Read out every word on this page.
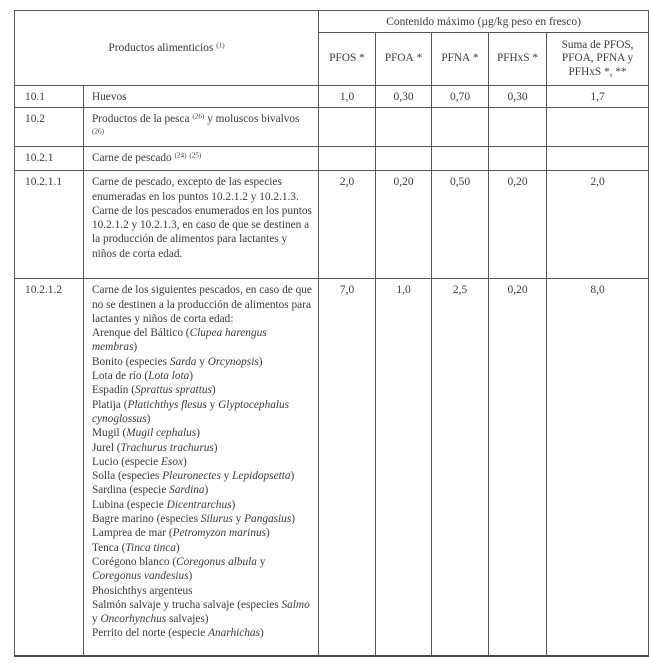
Productos alimenticios $^{(1)}$		Contenido máximo (µg/kg peso en fresco)				
		PFOS *	PFOA *	PFNA *	PFHxS *	Suma de PFOS, PFOA, PFNA y PFHxS *, **
10.1	Huevos	1,0	0,30	0,70	0,30	1,7
10.2	Productos de la pesca $^{(26)}$ y moluscos bivalvos $^{(26)}$

10.2.1	Carne de pescado $^{(24)}$ $^{(25)}$

10.2.1.1	Carne de pescado, excepto de las especies enumeradas en los puntos 10.2.1.2 y 10.2.1.3.
Carne de los pescados enumerados en los puntos 10.2.1.2 y 10.2.1.3, en caso de que se destinen a la producción de alimentos para lactantes y niños de corta edad.	2,0	0,20	0,50	0,20	2,0
10.2.1.2	Carne de los siguientes pescados, en caso de que no se destinen a la producción de alimentos para lactantes y niños de corta edad:
Arenque del Báltico (Clupea harengus membras)
Bonito (especies Sarda y Orcynopsis)
Lota de río (Lota lota)
Espadín (Sprattus sprattus)
Platija (Platichthys flesus y Glyptocephalus cynoglossus)
Mugil (Mugil cephalus)
Jurel (Trachurus trachurus)
Lucio (especie Esox)
Solla (especies Pleuronectes y Lepidopsetta)
Sardina (especie Sardina)
Lubina (especie Dicentrarchus)
Bagre marino (especies Silurus y Pangasius)
Lamprea de mar (Petromyzon marinus)
Tenca (Tinca tinca)
Corégono blanco (Coregonus albula y Coregonus vandesius)
Phosichthys argenteus
Salmón salvaje y trucha salvaje (especies Salmo y Oncorhynchus salvajes)
Perrito del norte (especie Anarhichas)
	7,0	1,0	2,5	0,20	8,0
